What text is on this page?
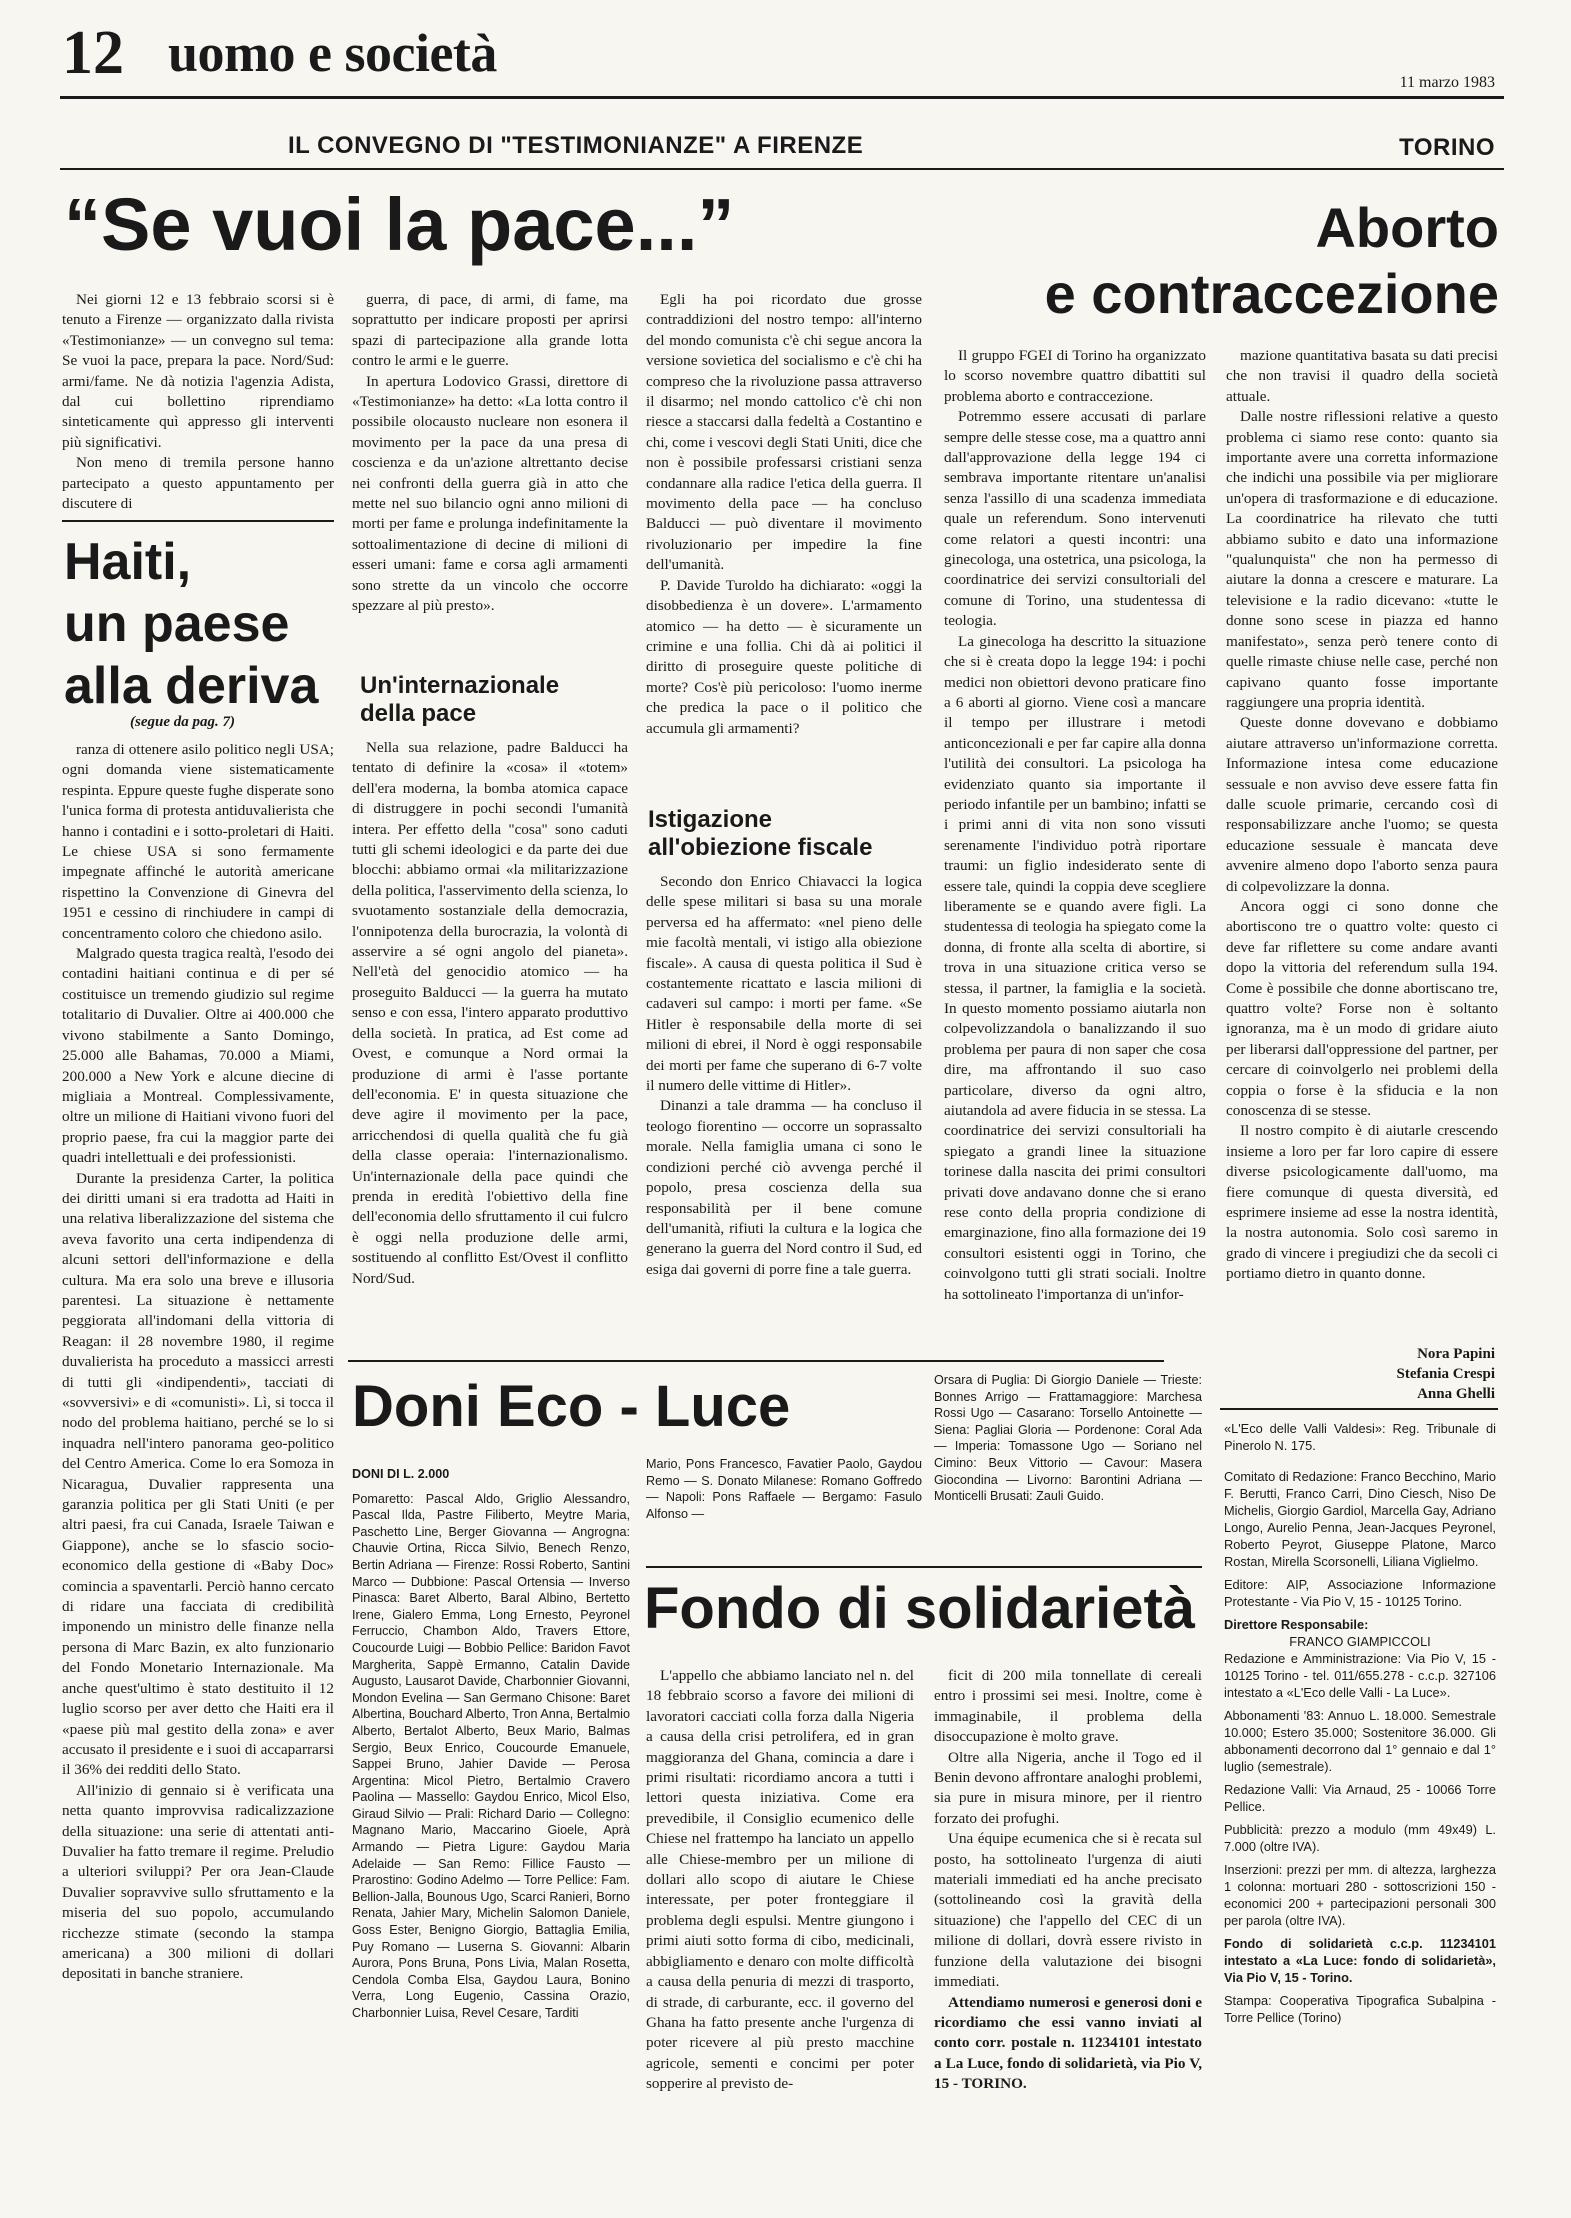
12 uomo e società	11 marzo 1983
IL CONVEGNO DI "TESTIMONIANZE" A FIRENZE
“Se vuoi la pace...”
TORINO
Aborto
e contraccezione

Nei giorni 12 e 13 febbraio scorsi si è tenuto a Firenze — organizzato dalla rivista «Testimonianze» — un convegno sul tema: Se vuoi la pace, prepara la pace. Nord/Sud: armi/fame. Ne dà notizia l'agenzia Adista, dal cui bollettino riprendiamo sinteticamente quì appresso gli interventi più significativi.

Non meno di tremila persone hanno partecipato a questo appuntamento per discutere di

Haiti,
un paese
alla deriva
(segue da pag. 7)

ranza di ottenere asilo politico negli USA; ogni domanda viene sistematicamente respinta. Eppure queste fughe disperate sono l'unica forma di protesta antiduvalierista che hanno i contadini e i sotto-proletari di Haiti. Le chiese USA si sono fermamente impegnate affinché le autorità americane rispettino la Convenzione di Ginevra del 1951 e cessino di rinchiudere in campi di concentramento coloro che chiedono asilo.

Malgrado questa tragica realtà, l'esodo dei contadini haitiani continua e di per sé costituisce un tremendo giudizio sul regime totalitario di Duvalier. Oltre ai 400.000 che vivono stabilmente a Santo Domingo, 25.000 alle Bahamas, 70.000 a Miami, 200.000 a New York e alcune diecine di migliaia a Montreal. Complessivamente, oltre un milione di Haitiani vivono fuori del proprio paese, fra cui la maggior parte dei quadri intellettuali e dei professionisti.

Durante la presidenza Carter, la politica dei diritti umani si era tradotta ad Haiti in una relativa liberalizzazione del sistema che aveva favorito una certa indipendenza di alcuni settori dell'informazione e della cultura. Ma era solo una breve e illusoria parentesi. La situazione è nettamente peggiorata all'indomani della vittoria di Reagan: il 28 novembre 1980, il regime duvalierista ha proceduto a massicci arresti di tutti gli «indipendenti», tacciati di «sovversivi» e di «comunisti». Lì, si tocca il nodo del problema haitiano, perché se lo si inquadra nell'intero panorama geo-politico del Centro America. Come lo era Somoza in Nicaragua, Duvalier rappresenta una garanzia politica per gli Stati Uniti (e per altri paesi, fra cui Canada, Israele Taiwan e Giappone), anche se lo sfascio socio-economico della gestione di «Baby Doc» comincia a spaventarli. Perciò hanno cercato di ridare una facciata di credibilità imponendo un ministro delle finanze nella persona di Marc Bazin, ex alto funzionario del Fondo Monetario Internazionale. Ma anche quest'ultimo è stato destituito il 12 luglio scorso per aver detto che Haiti era il «paese più mal gestito della zona» e aver accusato il presidente e i suoi di accaparrarsi il 36% dei redditi dello Stato.

All'inizio di gennaio si è verificata una netta quanto improvvisa radicalizzazione della situazione: una serie di attentati anti-Duvalier ha fatto tremare il regime. Preludio a ulteriori sviluppi? Per ora Jean-Claude Duvalier sopravvive sullo sfruttamento e la miseria del suo popolo, accumulando ricchezze stimate (secondo la stampa americana) a 300 milioni di dollari depositati in banche straniere.

guerra, di pace, di armi, di fame, ma soprattutto per indicare proposti per aprirsi spazi di partecipazione alla grande lotta contro le armi e le guerre.

In apertura Lodovico Grassi, direttore di «Testimonianze» ha detto: «La lotta contro il possibile olocausto nucleare non esonera il movimento per la pace da una presa di coscienza e da un'azione altrettanto decise nei confronti della guerra già in atto che mette nel suo bilancio ogni anno milioni di morti per fame e prolunga indefinitamente la sottoalimentazione di decine di milioni di esseri umani: fame e corsa agli armamenti sono strette da un vincolo che occorre spezzare al più presto».

Un'internazionale della pace

Nella sua relazione, padre Balducci ha tentato di definire la «cosa» il «totem» dell'era moderna, la bomba atomica capace di distruggere in pochi secondi l'umanità intera. Per effetto della "cosa" sono caduti tutti gli schemi ideologici e da parte dei due blocchi: abbiamo ormai «la militarizzazione della politica, l'asservimento della scienza, lo svuotamento sostanziale della democrazia, l'onnipotenza della burocrazia, la volontà di asservire a sé ogni angolo del pianeta». Nell'età del genocidio atomico — ha proseguito Balducci — la guerra ha mutato senso e con essa, l'intero apparato produttivo della società. In pratica, ad Est come ad Ovest, e comunque a Nord ormai la produzione di armi è l'asse portante dell'economia. E' in questa situazione che deve agire il movimento per la pace, arricchendosi di quella qualità che fu già della classe operaia: l'internazionalismo. Un'internazionale della pace quindi che prenda in eredità l'obiettivo della fine dell'economia dello sfruttamento il cui fulcro è oggi nella produzione delle armi, sostituendo al conflitto Est/Ovest il conflitto Nord/Sud.

Egli ha poi ricordato due grosse contraddizioni del nostro tempo: all'interno del mondo comunista c'è chi segue ancora la versione sovietica del socialismo e c'è chi ha compreso che la rivoluzione passa attraverso il disarmo; nel mondo cattolico c'è chi non riesce a staccarsi dalla fedeltà a Costantino e chi, come i vescovi degli Stati Uniti, dice che non è possibile professarsi cristiani senza condannare alla radice l'etica della guerra. Il movimento della pace — ha concluso Balducci — può diventare il movimento rivoluzionario per impedire la fine dell'umanità.

P. Davide Turoldo ha dichiarato: «oggi la disobbedienza è un dovere». L'armamento atomico — ha detto — è sicuramente un crimine e una follia. Chi dà ai politici il diritto di proseguire queste politiche di morte? Cos'è più pericoloso: l'uomo inerme che predica la pace o il politico che accumula gli armamenti?

Istigazione all'obiezione fiscale

Secondo don Enrico Chiavacci la logica delle spese militari si basa su una morale perversa ed ha affermato: «nel pieno delle mie facoltà mentali, vi istigo alla obiezione fiscale». A causa di questa politica il Sud è costantemente ricattato e lascia milioni di cadaveri sul campo: i morti per fame. «Se Hitler è responsabile della morte di sei milioni di ebrei, il Nord è oggi responsabile dei morti per fame che superano di 6-7 volte il numero delle vittime di Hitler».

Dinanzi a tale dramma — ha concluso il teologo fiorentino — occorre un soprassalto morale. Nella famiglia umana ci sono le condizioni perché ciò avvenga perché il popolo, presa coscienza della sua responsabilità per il bene comune dell'umanità, rifiuti la cultura e la logica che generano la guerra del Nord contro il Sud, ed esiga dai governi di porre fine a tale guerra.

Il gruppo FGEI di Torino ha organizzato lo scorso novembre quattro dibattiti sul problema aborto e contraccezione.

Potremmo essere accusati di parlare sempre delle stesse cose, ma a quattro anni dall'approvazione della legge 194 ci sembrava importante ritentare un'analisi senza l'assillo di una scadenza immediata quale un referendum. Sono intervenuti come relatori a questi incontri: una ginecologa, una ostetrica, una psicologa, la coordinatrice dei servizi consultoriali del comune di Torino, una studentessa di teologia.

La ginecologa ha descritto la situazione che si è creata dopo la legge 194: i pochi medici non obiettori devono praticare fino a 6 aborti al giorno. Viene così a mancare il tempo per illustrare i metodi anticoncezionali e per far capire alla donna l'utilità dei consultori. La psicologa ha evidenziato quanto sia importante il periodo infantile per un bambino; infatti se i primi anni di vita non sono vissuti serenamente l'individuo potrà riportare traumi: un figlio indesiderato sente di essere tale, quindi la coppia deve scegliere liberamente se e quando avere figli. La studentessa di teologia ha spiegato come la donna, di fronte alla scelta di abortire, si trova in una situazione critica verso se stessa, il partner, la famiglia e la società. In questo momento possiamo aiutarla non colpevolizzandola o banalizzando il suo problema per paura di non saper che cosa dire, ma affrontando il suo caso particolare, diverso da ogni altro, aiutandola ad avere fiducia in se stessa. La coordinatrice dei servizi consultoriali ha spiegato a grandi linee la situazione torinese dalla nascita dei primi consultori privati dove andavano donne che si erano rese conto della propria condizione di emarginazione, fino alla formazione dei 19 consultori esistenti oggi in Torino, che coinvolgono tutti gli strati sociali. Inoltre ha sottolineato l'importanza di un'infor-

mazione quantitativa basata su dati precisi che non travisi il quadro della società attuale.

Dalle nostre riflessioni relative a questo problema ci siamo rese conto: quanto sia importante avere una corretta informazione che indichi una possibile via per migliorare un'opera di trasformazione e di educazione. La coordinatrice ha rilevato che tutti abbiamo subito e dato una informazione "qualunquista" che non ha permesso di aiutare la donna a crescere e maturare. La televisione e la radio dicevano: «tutte le donne sono scese in piazza ed hanno manifestato», senza però tenere conto di quelle rimaste chiuse nelle case, perché non capivano quanto fosse importante raggiungere una propria identità.

Queste donne dovevano e dobbiamo aiutare attraverso un'informazione corretta. Informazione intesa come educazione sessuale e non avviso deve essere fatta fin dalle scuole primarie, cercando così di responsabilizzare anche l'uomo; se questa educazione sessuale è mancata deve avvenire almeno dopo l'aborto senza paura di colpevolizzare la donna.

Ancora oggi ci sono donne che abortiscono tre o quattro volte: questo ci deve far riflettere su come andare avanti dopo la vittoria del referendum sulla 194. Come è possibile che donne abortiscano tre, quattro volte? Forse non è soltanto ignoranza, ma è un modo di gridare aiuto per liberarsi dall'oppressione del partner, per cercare di coinvolgerlo nei problemi della coppia o forse è la sfiducia e la non conoscenza di se stesse.

Il nostro compito è di aiutarle crescendo insieme a loro per far loro capire di essere diverse psicologicamente dall'uomo, ma fiere comunque di questa diversità, ed esprimere insieme ad esse la nostra identità, la nostra autonomia. Solo così saremo in grado di vincere i pregiudizi che da secoli ci portiamo dietro in quanto donne.

Nora Papini
Stefania Crespi
Anna Ghelli
Doni Eco - Luce

DONI DI L. 2.000

Pomaretto: Pascal Aldo, Griglio Alessandro, Pascal Ilda, Pastre Filiberto, Meytre Maria, Paschetto Line, Berger Giovanna — Angrogna: Chauvie Ortina, Ricca Silvio, Benech Renzo, Bertin Adriana — Firenze: Rossi Roberto, Santini Marco — Dubbione: Pascal Ortensia — Inverso Pinasca: Baret Alberto, Baral Albino, Bertetto Irene, Gialero Emma, Long Ernesto, Peyronel Ferruccio, Chambon Aldo, Travers Ettore, Coucourde Luigi — Bobbio Pellice: Baridon Favot Margherita, Sappè Ermanno, Catalin Davide Augusto, Lausarot Davide, Charbonnier Giovanni, Mondon Evelina — San Germano Chisone: Baret Albertina, Bouchard Alberto, Tron Anna, Bertalmio Alberto, Bertalot Alberto, Beux Mario, Balmas Sergio, Beux Enrico, Coucourde Emanuele, Sappei Bruno, Jahier Davide — Perosa Argentina: Micol Pietro, Bertalmio Cravero Paolina — Massello: Gaydou Enrico, Micol Elso, Giraud Silvio — Prali: Richard Dario — Collegno: Magnano Mario, Maccarino Gioele, Aprà Armando — Pietra Ligure: Gaydou Maria Adelaide — San Remo: Fillice Fausto — Prarostino: Godino Adelmo — Torre Pellice: Fam. Bellion-Jalla, Bounous Ugo, Scarci Ranieri, Borno Renata, Jahier Mary, Michelin Salomon Daniele, Goss Ester, Benigno Giorgio, Battaglia Emilia, Puy Romano — Luserna S. Giovanni: Albarin Aurora, Pons Bruna, Pons Livia, Malan Rosetta, Cendola Comba Elsa, Gaydou Laura, Bonino Verra, Long Eugenio, Cassina Orazio, Charbonnier Luisa, Revel Cesare, Tarditi

Mario, Pons Francesco, Favatier Paolo, Gaydou Remo — S. Donato Milanese: Romano Goffredo — Napoli: Pons Raffaele — Bergamo: Fasulo Alfonso —

Orsara di Puglia: Di Giorgio Daniele — Trieste: Bonnes Arrigo — Frattamaggiore: Marchesa Rossi Ugo — Casarano: Torsello Antoinette — Siena: Pagliai Gloria — Pordenone: Coral Ada — Imperia: Tomassone Ugo — Soriano nel Cimino: Beux Vittorio — Cavour: Masera Giocondina — Livorno: Barontini Adriana — Monticelli Brusati: Zauli Guido.

Fondo di solidarietà

L'appello che abbiamo lanciato nel n. del 18 febbraio scorso a favore dei milioni di lavoratori cacciati colla forza dalla Nigeria a causa della crisi petrolifera, ed in gran maggioranza del Ghana, comincia a dare i primi risultati: ricordiamo ancora a tutti i lettori questa iniziativa. Come era prevedibile, il Consiglio ecumenico delle Chiese nel frattempo ha lanciato un appello alle Chiese-membro per un milione di dollari allo scopo di aiutare le Chiese interessate, per poter fronteggiare il problema degli espulsi. Mentre giungono i primi aiuti sotto forma di cibo, medicinali, abbigliamento e denaro con molte difficoltà a causa della penuria di mezzi di trasporto, di strade, di carburante, ecc. il governo del Ghana ha fatto presente anche l'urgenza di poter ricevere al più presto macchine agricole, sementi e concimi per poter sopperire al previsto de-

ficit di 200 mila tonnellate di cereali entro i prossimi sei mesi. Inoltre, come è immaginabile, il problema della disoccupazione è molto grave.

Oltre alla Nigeria, anche il Togo ed il Benin devono affrontare analoghi problemi, sia pure in misura minore, per il rientro forzato dei profughi.

Una équipe ecumenica che si è recata sul posto, ha sottolineato l'urgenza di aiuti materiali immediati ed ha anche precisato (sottolineando così la gravità della situazione) che l'appello del CEC di un milione di dollari, dovrà essere rivisto in funzione della valutazione dei bisogni immediati.

Attendiamo numerosi e generosi doni e ricordiamo che essi vanno inviati al conto corr. postale n. 11234101 intestato a La Luce, fondo di solidarietà, via Pio V, 15 - TORINO.

«L'Eco delle Valli Valdesi»: Reg. Tribunale di Pinerolo N. 175.

Comitato di Redazione: Franco Becchino, Mario F. Berutti, Franco Carri, Dino Ciesch, Niso De Michelis, Giorgio Gardiol, Marcella Gay, Adriano Longo, Aurelio Penna, Jean-Jacques Peyronel, Roberto Peyrot, Giuseppe Platone, Marco Rostan, Mirella Scorsonelli, Liliana Viglielmo.

Editore: AIP, Associazione Informazione Protestante - Via Pio V, 15 - 10125 Torino.

Direttore Responsabile:

FRANCO GIAMPICCOLI

Redazione e Amministrazione: Via Pio V, 15 - 10125 Torino - tel. 011/655.278 - c.c.p. 327106 intestato a «L'Eco delle Valli - La Luce».

Abbonamenti '83: Annuo L. 18.000. Semestrale 10.000; Estero 35.000; Sostenitore 36.000. Gli abbonamenti decorrono dal 1° gennaio e dal 1° luglio (semestrale).

Redazione Valli: Via Arnaud, 25 - 10066 Torre Pellice.

Pubblicità: prezzo a modulo (mm 49x49) L. 7.000 (oltre IVA).

Inserzioni: prezzi per mm. di altezza, larghezza 1 colonna: mortuari 280 - sottoscrizioni 150 - economici 200 + partecipazioni personali 300 per parola (oltre IVA).

Fondo di solidarietà c.c.p. 11234101 intestato a «La Luce: fondo di solidarietà», Via Pio V, 15 - Torino.

Stampa: Cooperativa Tipografica Subalpina - Torre Pellice (Torino)
